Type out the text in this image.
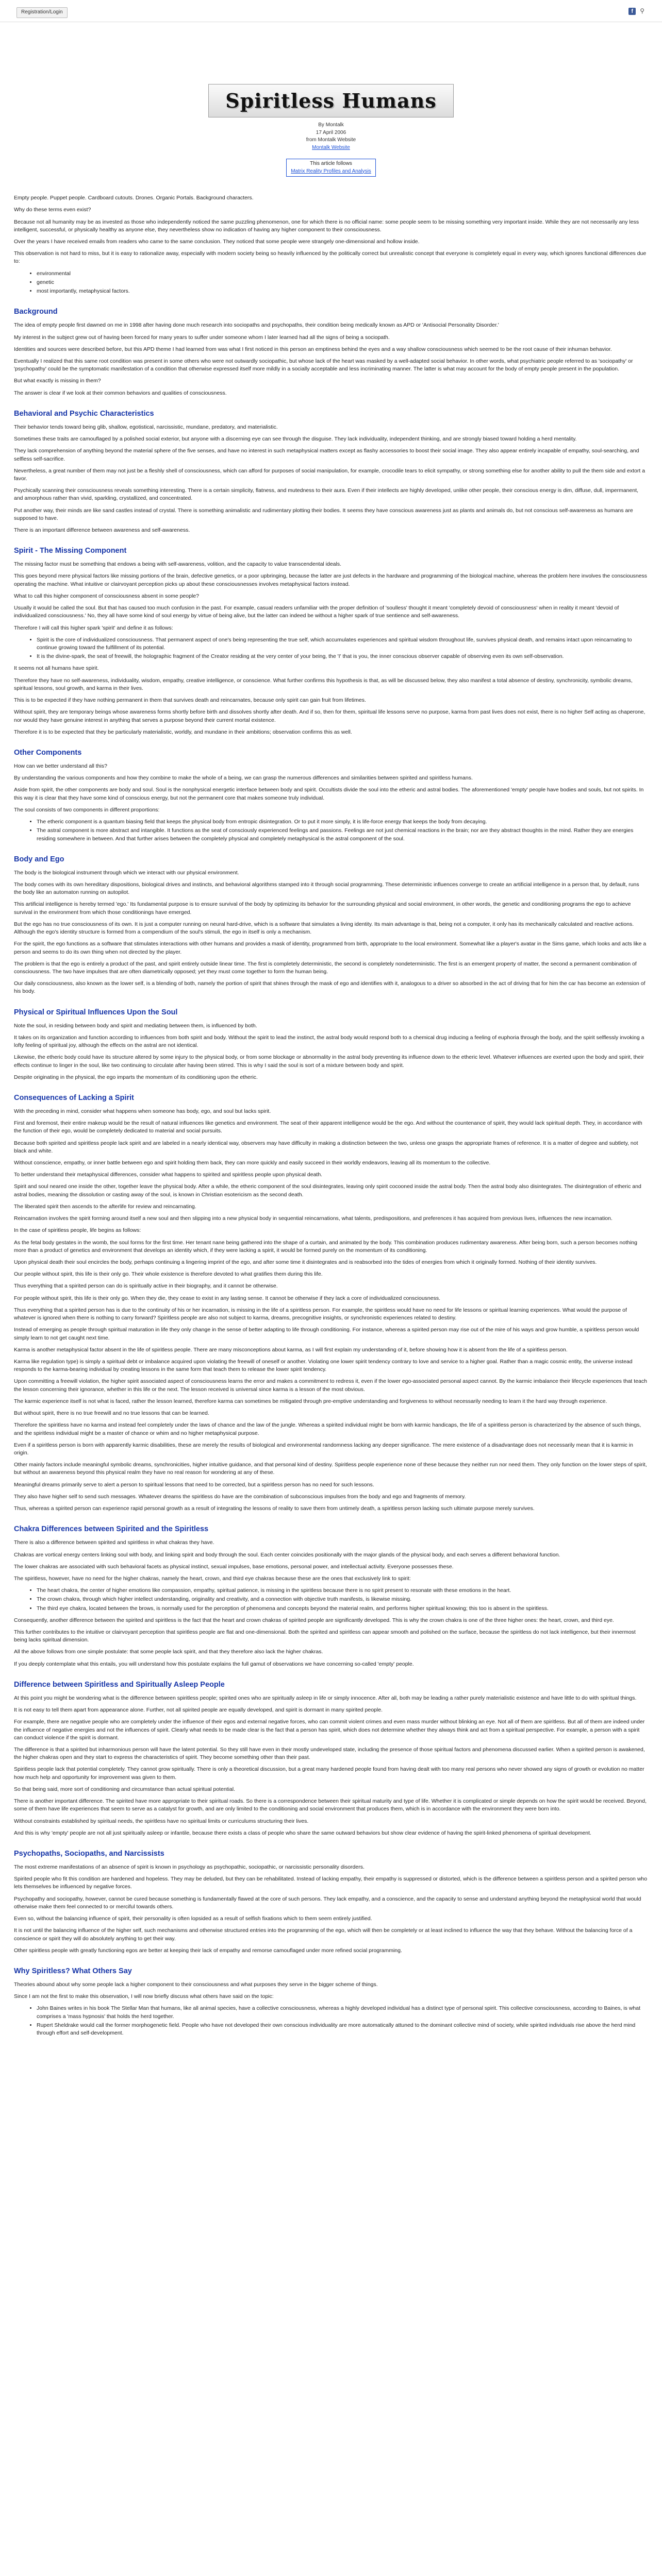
Registration/Login	f	⚲
Spiritless Humans
By Montalk
17 April 2006
from Montalk Website
Montalk Website
This article follows
Matrix Reality Profiles and Analysis

Empty people. Puppet people. Cardboard cutouts. Drones. Organic Portals. Background characters.

Why do these terms even exist?

Because not all humanity may be as invested as those who independently noticed the same puzzling phenomenon, one for which there is no official name: some people seem to be missing something very important inside. While they are not necessarily any less intelligent, successful, or physically healthy as anyone else, they nevertheless show no indication of having any higher component to their consciousness.

Over the years I have received emails from readers who came to the same conclusion. They noticed that some people were strangely one-dimensional and hollow inside.

This observation is not hard to miss, but it is easy to rationalize away, especially with modern society being so heavily influenced by the politically correct but unrealistic concept that everyone is completely equal in every way, which ignores functional differences due to:

• environmental
• genetic
• most importantly, metaphysical factors.
Background

The idea of empty people first dawned on me in 1998 after having done much research into sociopaths and psychopaths, their condition being medically known as APD or 'Antisocial Personality Disorder.'

My interest in the subject grew out of having been forced for many years to suffer under someone whom I later learned had all the signs of being a sociopath.

Identities and sources were described before, but this APD theme I had learned from was what I first noticed in this person an emptiness behind the eyes and a way shallow consciousness which seemed to be the root cause of their inhuman behavior.

Eventually I realized that this same root condition was present in some others who were not outwardly sociopathic, but whose lack of the heart was masked by a well-adapted social behavior. In other words, what psychiatric people referred to as 'sociopathy' or 'psychopathy' could be the symptomatic manifestation of a condition that otherwise expressed itself more mildly in a socially acceptable and less incriminating manner. The latter is what may account for the body of empty people present in the population.

But what exactly is missing in them?

The answer is clear if we look at their common behaviors and qualities of consciousness.

Behavioral and Psychic Characteristics

Their behavior tends toward being glib, shallow, egotistical, narcissistic, mundane, predatory, and materialistic.

Sometimes these traits are camouflaged by a polished social exterior, but anyone with a discerning eye can see through the disguise. They lack individuality, independent thinking, and are strongly biased toward holding a herd mentality.

They lack comprehension of anything beyond the material sphere of the five senses, and have no interest in such metaphysical matters except as flashy accessories to boost their social image. They also appear entirely incapable of empathy, soul-searching, and selfless self-sacrifice.

Nevertheless, a great number of them may not just be a fleshly shell of consciousness, which can afford for purposes of social manipulation, for example, crocodile tears to elicit sympathy, or strong something else for another ability to pull the them side and extort a favor.

Psychically scanning their consciousness reveals something interesting. There is a certain simplicity, flatness, and mutedness to their aura. Even if their intellects are highly developed, unlike other people, their conscious energy is dim, diffuse, dull, impermanent, and amorphous rather than vivid, sparkling, crystallized, and concentrated.

Put another way, their minds are like sand castles instead of crystal. There is something animalistic and rudimentary plotting their bodies. It seems they have conscious awareness just as plants and animals do, but not conscious self-awareness as humans are supposed to have.

There is an important difference between awareness and self-awareness.

Spirit - The Missing Component

The missing factor must be something that endows a being with self-awareness, volition, and the capacity to value transcendental ideals.

This goes beyond mere physical factors like missing portions of the brain, defective genetics, or a poor upbringing, because the latter are just defects in the hardware and programming of the biological machine, whereas the problem here involves the consciousness operating the machine. What intuitive or clairvoyant perception picks up about these consciousnesses involves metaphysical factors instead.

What to call this higher component of consciousness absent in some people?

Usually it would be called the soul. But that has caused too much confusion in the past. For example, casual readers unfamiliar with the proper definition of 'soulless' thought it meant 'completely devoid of consciousness' when in reality it meant 'devoid of individualized consciousness.' No, they all have some kind of soul energy by virtue of being alive, but the latter can indeed be without a higher spark of true sentience and self-awareness.

Therefore I will call this higher spark 'spirit' and define it as follows:

• Spirit is the core of individualized consciousness. That permanent aspect of one's being representing the true self, which accumulates experiences and spiritual wisdom throughout life, survives physical death, and remains intact upon reincarnating to continue growing toward the fulfillment of its potential.
• It is the divine-spark, the seat of freewill, the holographic fragment of the Creator residing at the very center of your being, the 'I' that is you, the inner conscious observer capable of observing even its own self-observation.

It seems not all humans have spirit.

Therefore they have no self-awareness, individuality, wisdom, empathy, creative intelligence, or conscience. What further confirms this hypothesis is that, as will be discussed below, they also manifest a total absence of destiny, synchronicity, symbolic dreams, spiritual lessons, soul growth, and karma in their lives.

This is to be expected if they have nothing permanent in them that survives death and reincarnates, because only spirit can gain fruit from lifetimes.

Without spirit, they are temporary beings whose awareness forms shortly before birth and dissolves shortly after death. And if so, then for them, spiritual life lessons serve no purpose, karma from past lives does not exist, there is no higher Self acting as chaperone, nor would they have genuine interest in anything that serves a purpose beyond their current mortal existence.

Therefore it is to be expected that they be particularly materialistic, worldly, and mundane in their ambitions; observation confirms this as well.

Other Components

How can we better understand all this?

By understanding the various components and how they combine to make the whole of a being, we can grasp the numerous differences and similarities between spirited and spiritless humans.

Aside from spirit, the other components are body and soul. Soul is the nonphysical energetic interface between body and spirit. Occultists divide the soul into the etheric and astral bodies. The aforementioned 'empty' people have bodies and souls, but not spirits. In this way it is clear that they have some kind of conscious energy, but not the permanent core that makes someone truly individual.

The soul consists of two components in different proportions:

• The etheric component is a quantum biasing field that keeps the physical body from entropic disintegration. Or to put it more simply, it is life-force energy that keeps the body from decaying.
• The astral component is more abstract and intangible. It functions as the seat of consciously experienced feelings and passions. Feelings are not just chemical reactions in the brain; nor are they abstract thoughts in the mind. Rather they are energies residing somewhere in between. And that further arises between the completely physical and completely metaphysical is the astral component of the soul.
Body and Ego

The body is the biological instrument through which we interact with our physical environment.

The body comes with its own hereditary dispositions, biological drives and instincts, and behavioral algorithms stamped into it through social programming. These deterministic influences converge to create an artificial intelligence in a person that, by default, runs the body like an automaton running on autopilot.

This artificial intelligence is hereby termed 'ego.' Its fundamental purpose is to ensure survival of the body by optimizing its behavior for the surrounding physical and social environment, in other words, the genetic and conditioning programs the ego to achieve survival in the environment from which those conditionings have emerged.

But the ego has no true consciousness of its own. It is just a computer running on neural hard-drive, which is a software that simulates a living identity. Its main advantage is that, being not a computer, it only has its mechanically calculated and reactive actions. Although the ego's identity structure is formed from a compendium of the soul's stimuli, the ego in itself is only a mechanism.

For the spirit, the ego functions as a software that stimulates interactions with other humans and provides a mask of identity, programmed from birth, appropriate to the local environment. Somewhat like a player's avatar in the Sims game, which looks and acts like a person and seems to do its own thing when not directed by the player.

The problem is that the ego is entirely a product of the past, and spirit entirely outside linear time. The first is completely deterministic, the second is completely nondeterministic. The first is an emergent property of matter, the second a permanent combination of consciousness. The two have impulses that are often diametrically opposed; yet they must come together to form the human being.

Our daily consciousness, also known as the lower self, is a blending of both, namely the portion of spirit that shines through the mask of ego and identifies with it, analogous to a driver so absorbed in the act of driving that for him the car has become an extension of his body.

Physical or Spiritual Influences Upon the Soul

Note the soul, in residing between body and spirit and mediating between them, is influenced by both.

It takes on its organization and function according to influences from both spirit and body. Without the spirit to lead the instinct, the astral body would respond both to a chemical drug inducing a feeling of euphoria through the body, and the spirit selflessly invoking a lofty feeling of spiritual joy, although the effects on the astral are not identical.

Likewise, the etheric body could have its structure altered by some injury to the physical body, or from some blockage or abnormality in the astral body preventing its influence down to the etheric level. Whatever influences are exerted upon the body and spirit, their effects continue to linger in the soul, like two continuing to circulate after having been stirred. This is why I said the soul is sort of a mixture between body and spirit.

Despite originating in the physical, the ego imparts the momentum of its conditioning upon the etheric.

Consequences of Lacking a Spirit

With the preceding in mind, consider what happens when someone has body, ego, and soul but lacks spirit.

First and foremost, their entire makeup would be the result of natural influences like genetics and environment. The seat of their apparent intelligence would be the ego. And without the countenance of spirit, they would lack spiritual depth. They, in accordance with the function of their ego, would be completely dedicated to material and social pursuits.

Because both spirited and spiritless people lack spirit and are labeled in a nearly identical way, observers may have difficulty in making a distinction between the two, unless one grasps the appropriate frames of reference. It is a matter of degree and subtlety, not black and white.

Without conscience, empathy, or inner battle between ego and spirit holding them back, they can more quickly and easily succeed in their worldly endeavors, leaving all its momentum to the collective.

To better understand their metaphysical differences, consider what happens to spirited and spiritless people upon physical death.

Spirit and soul neared one inside the other, together leave the physical body. After a while, the etheric component of the soul disintegrates, leaving only spirit cocooned inside the astral body. Then the astral body also disintegrates. The disintegration of etheric and astral bodies, meaning the dissolution or casting away of the soul, is known in Christian esotericism as the second death.

The liberated spirit then ascends to the afterlife for review and reincarnating.

Reincarnation involves the spirit forming around itself a new soul and then slipping into a new physical body in sequential reincarnations, what talents, predispositions, and preferences it has acquired from previous lives, influences the new incarnation.

In the case of spiritless people, life begins as follows:

As the fetal body gestates in the womb, the soul forms for the first time. Her tenant nane being gathered into the shape of a curtain, and animated by the body. This combination produces rudimentary awareness. After being born, such a person becomes nothing more than a product of genetics and environment that develops an identity which, if they were lacking a spirit, it would be formed purely on the momentum of its conditioning.

Upon physical death their soul encircles the body, perhaps continuing a lingering imprint of the ego, and after some time it disintegrates and is reabsorbed into the tides of energies from which it originally formed. Nothing of their identity survives.

Our people without spirit, this life is their only go. Their whole existence is therefore devoted to what gratifies them during this life.

Thus everything that a spirited person can do is spiritually active in their biography, and it cannot be otherwise.

For people without spirit, this life is their only go. When they die, they cease to exist in any lasting sense. It cannot be otherwise if they lack a core of individualized consciousness.

Thus everything that a spirited person has is due to the continuity of his or her incarnation, is missing in the life of a spiritless person. For example, the spiritless would have no need for life lessons or spiritual learning experiences. What would the purpose of whatever is ignored when there is nothing to carry forward? Spiritless people are also not subject to karma, dreams, precognitive insights, or synchronistic experiences related to destiny.

Instead of emerging as people through spiritual maturation in life they only change in the sense of better adapting to life through conditioning. For instance, whereas a spirited person may rise out of the mire of his ways and grow humble, a spiritless person would simply learn to not get caught next time.

Karma is another metaphysical factor absent in the life of spiritless people. There are many misconceptions about karma, as I will first explain my understanding of it, before showing how it is absent from the life of a spiritless person.

Karma like regulation type) is simply a spiritual debt or imbalance acquired upon violating the freewill of oneself or another. Violating one lower spirit tendency contrary to love and service to a higher goal. Rather than a magic cosmic entity, the universe instead responds to the karma-bearing individual by creating lessons in the same form that teach them to release the lower spirit tendency.

Upon committing a freewill violation, the higher spirit associated aspect of consciousness learns the error and makes a commitment to redress it, even if the lower ego-associated personal aspect cannot. By the karmic imbalance their lifecycle experiences that teach the lesson concerning their ignorance, whether in this life or the next. The lesson received is universal since karma is a lesson of the most obvious.

The karmic experience itself is not what is faced, rather the lesson learned, therefore karma can sometimes be mitigated through pre-emptive understanding and forgiveness to without necessarily needing to learn it the hard way through experience.

But without spirit, there is no true freewill and no true lessons that can be learned.

Therefore the spiritless have no karma and instead feel completely under the laws of chance and the law of the jungle. Whereas a spirited individual might be born with karmic handicaps, the life of a spiritless person is characterized by the absence of such things, and the spiritless individual might be a master of chance or whim and no higher metaphysical purpose.

Even if a spiritless person is born with apparently karmic disabilities, these are merely the results of biological and environmental randomness lacking any deeper significance. The mere existence of a disadvantage does not necessarily mean that it is karmic in origin.

Other mainly factors include meaningful symbolic dreams, synchronicities, higher intuitive guidance, and that personal kind of destiny. Spiritless people experience none of these because they neither run nor need them. They only function on the lower steps of spirit, but without an awareness beyond this physical realm they have no real reason for wondering at any of these.

Meaningful dreams primarily serve to alert a person to spiritual lessons that need to be corrected, but a spiritless person has no need for such lessons.

They also have higher self to send such messages. Whatever dreams the spiritless do have are the combination of subconscious impulses from the body and ego and fragments of memory.

Thus, whereas a spirited person can experience rapid personal growth as a result of integrating the lessons of reality to save them from untimely death, a spiritless person lacking such ultimate purpose merely survives.

Chakra Differences between Spirited and the Spiritless

There is also a difference between spirited and spiritless in what chakras they have.

Chakras are vortical energy centers linking soul with body, and linking spirit and body through the soul. Each center coincides positionally with the major glands of the physical body, and each serves a different behavioral function.

The lower chakras are associated with such behavioral facets as physical instinct, sexual impulses, base emotions, personal power, and intellectual activity. Everyone possesses these.

The spiritless, however, have no need for the higher chakras, namely the heart, crown, and third eye chakras because these are the ones that exclusively link to spirit:

• The heart chakra, the center of higher emotions like compassion, empathy, spiritual patience, is missing in the spiritless because there is no spirit present to resonate with these emotions in the heart.
• The crown chakra, through which higher intellect understanding, originality and creativity, and a connection with objective truth manifests, is likewise missing.
• The third eye chakra, located between the brows, is normally used for the perception of phenomena and concepts beyond the material realm, and performs higher spiritual knowing; this too is absent in the spiritless.

Consequently, another difference between the spirited and spiritless is the fact that the heart and crown chakras of spirited people are significantly developed. This is why the crown chakra is one of the three higher ones: the heart, crown, and third eye.

This further contributes to the intuitive or clairvoyant perception that spiritless people are flat and one-dimensional. Both the spirited and spiritless can appear smooth and polished on the surface, because the spiritless do not lack intelligence, but their innermost being lacks spiritual dimension.

All the above follows from one simple postulate: that some people lack spirit, and that they therefore also lack the higher chakras.

If you deeply contemplate what this entails, you will understand how this postulate explains the full gamut of observations we have concerning so-called 'empty' people.

Difference between Spiritless and Spiritually Asleep People

At this point you might be wondering what is the difference between spiritless people; spirited ones who are spiritually asleep in life or simply innocence. After all, both may be leading a rather purely materialistic existence and have little to do with spiritual things.

It is not easy to tell them apart from appearance alone. Further, not all spirited people are equally developed, and spirit is dormant in many spirited people.

For example, there are negative people who are completely under the influence of their egos and external negative forces, who can commit violent crimes and even mass murder without blinking an eye. Not all of them are spiritless. But all of them are indeed under the influence of negative energies and not the influences of spirit. Clearly what needs to be made clear is the fact that a person has spirit, which does not determine whether they always think and act from a spiritual perspective. For example, a person with a spirit can conduct violence if the spirit is dormant.

The difference is that a spirited but inharmonious person will have the latent potential. So they still have even in their mostly undeveloped state, including the presence of those spiritual factors and phenomena discussed earlier. When a spirited person is awakened, the higher chakras open and they start to express the characteristics of spirit. They become something other than their past.

Spiritless people lack that potential completely. They cannot grow spiritually. There is only a theoretical discussion, but a great many hardened people found from having dealt with too many real persons who never showed any signs of growth or evolution no matter how much help and opportunity for improvement was given to them.

So that being said, more sort of conditioning and circumstance than actual spiritual potential.

There is another important difference. The spirited have more appropriate to their spiritual roads. So there is a correspondence between their spiritual maturity and type of life. Whether it is complicated or simple depends on how the spirit would be received. Beyond, some of them have life experiences that seem to serve as a catalyst for growth, and are only limited to the conditioning and social environment that produces them, which is in accordance with the environment they were born into.

Without constraints established by spiritual needs, the spiritless have no spiritual limits or curriculums structuring their lives.

And this is why 'empty' people are not all just spiritually asleep or infantile, because there exists a class of people who share the same outward behaviors but show clear evidence of having the spirit-linked phenomena of spiritual development.

Psychopaths, Sociopaths, and Narcissists

The most extreme manifestations of an absence of spirit is known in psychology as psychopathic, sociopathic, or narcissistic personality disorders.

Spirited people who fit this condition are hardened and hopeless. They may be deluded, but they can be rehabilitated. Instead of lacking empathy, their empathy is suppressed or distorted, which is the difference between a spiritless person and a spirited person who lets themselves be influenced by negative forces.

Psychopathy and sociopathy, however, cannot be cured because something is fundamentally flawed at the core of such persons. They lack empathy, and a conscience, and the capacity to sense and understand anything beyond the metaphysical world that would otherwise make them feel connected to or merciful towards others.

Even so, without the balancing influence of spirit, their personality is often lopsided as a result of selfish fixations which to them seem entirely justified.

It is not until the balancing influence of the higher self, such mechanisms and otherwise structured entries into the programming of the ego, which will then be completely or at least inclined to influence the way that they behave. Without the balancing force of a conscience or spirit they will do absolutely anything to get their way.

Other spiritless people with greatly functioning egos are better at keeping their lack of empathy and remorse camouflaged under more refined social programming.

Why Spiritless? What Others Say

Theories abound about why some people lack a higher component to their consciousness and what purposes they serve in the bigger scheme of things.

Since I am not the first to make this observation, I will now briefly discuss what others have said on the topic:

• John Baines writes in his book The Stellar Man that humans, like all animal species, have a collective consciousness, whereas a highly developed individual has a distinct type of personal spirit. This collective consciousness, according to Baines, is what comprises a 'mass hypnosis' that holds the herd together.
• Rupert Sheldrake would call the former morphogenetic field. People who have not developed their own conscious individuality are more automatically attuned to the dominant collective mind of society, while spirited individuals rise above the herd mind through effort and self-development.
